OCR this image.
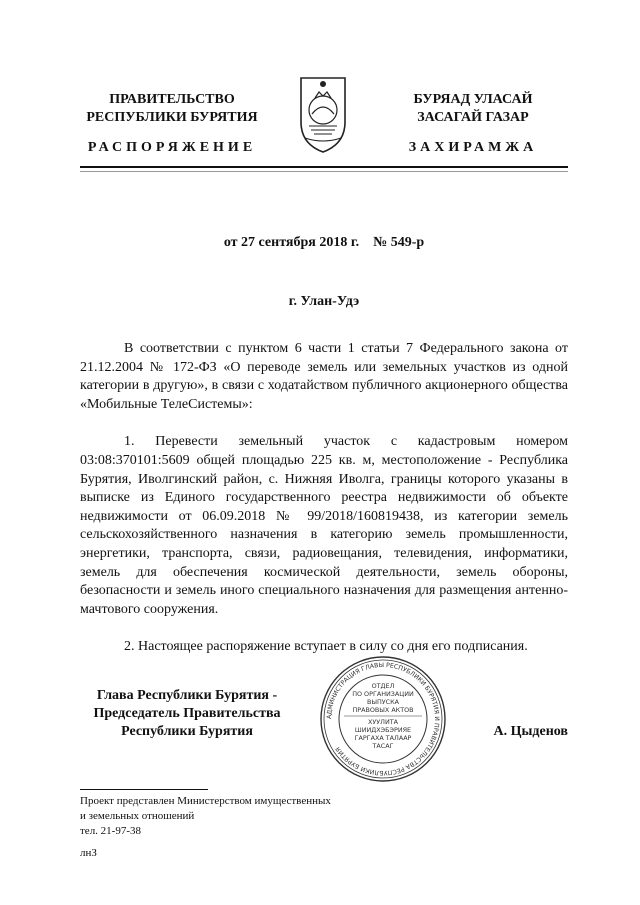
ПРАВИТЕЛЬСТВО
РЕСПУБЛИКИ БУРЯТИЯ
БУРЯАД УЛАСАЙ
ЗАСАГАЙ ГАЗАР
РАСПОРЯЖЕНИЕ	ЗАХИРАМЖА
от 27 сентября 2018 г.    № 549-р
г. Улан-Удэ

В соответствии с пунктом 6 части 1 статьи 7 Федерального закона от 21.12.2004 № 172-ФЗ «О переводе земель или земельных участков из одной категории в другую», в связи с ходатайством публичного акционерного общества «Мобильные ТелеСистемы»:

1. Перевести земельный участок с кадастровым номером 03:08:370101:5609 общей площадью 225 кв. м, местоположение - Республика Бурятия, Иволгинский район, с. Нижняя Иволга, границы которого указаны в выписке из Единого государственного реестра недвижимости об объекте недвижимости от 06.09.2018 № 99/2018/160819438, из категории земель сельскохозяйственного назначения в категорию земель промышленности, энергетики, транспорта, связи, радиовещания, телевидения, информатики, земель для обеспечения космической деятельности, земель обороны, безопасности и земель иного специального назначения для размещения антенно-мачтового сооружения.

2. Настоящее распоряжение вступает в силу со дня его подписания.

Глава Республики Бурятия -
Председатель Правительства
Республики Бурятия
АДМИНИСТРАЦИЯ ГЛАВЫ РЕСПУБЛИКИ БУРЯТИЯ И ПРАВИТЕЛЬСТВА РЕСПУБЛИКИ БУРЯТИЯ
ОТДЕЛ
ПО ОРГАНИЗАЦИИ
ВЫПУСКА
ПРАВОВЫХ АКТОВ
ХУУЛИТА
ШИИДХЭБЭРИЯЕ
ГАРГАХА ТАЛААР
ТАСАГ
А. Цыденов
Проект представлен Министерством имущественных
и земельных отношений
тел. 21-97-38
лнЗ
